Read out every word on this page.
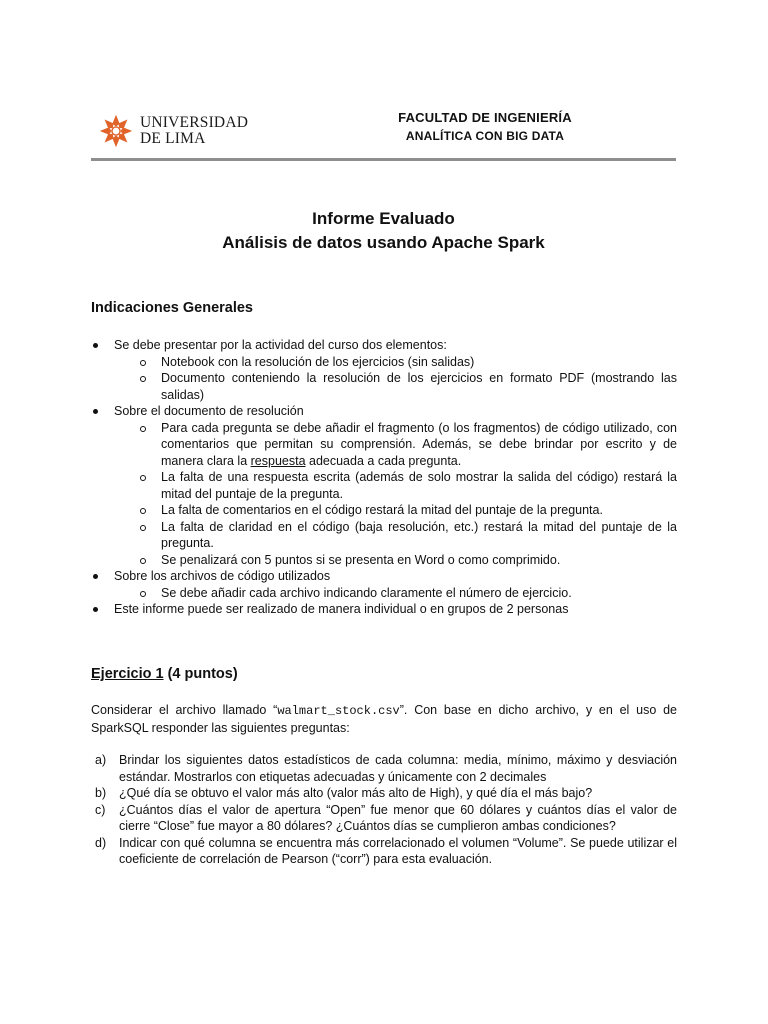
UNIVERSIDAD
DE LIMA
FACULTAD DE INGENIERÍA
ANALÍTICA CON BIG DATA
Informe Evaluado
Análisis de datos usando Apache Spark
Indicaciones Generales
Se debe presentar por la actividad del curso dos elementos:
Notebook con la resolución de los ejercicios (sin salidas)
Documento conteniendo la resolución de los ejercicios en formato PDF (mostrando las salidas)
Sobre el documento de resolución
Para cada pregunta se debe añadir el fragmento (o los fragmentos) de código utilizado, con comentarios que permitan su comprensión. Además, se debe brindar por escrito y de manera clara la respuesta adecuada a cada pregunta.
La falta de una respuesta escrita (además de solo mostrar la salida del código) restará la mitad del puntaje de la pregunta.
La falta de comentarios en el código restará la mitad del puntaje de la pregunta.
La falta de claridad en el código (baja resolución, etc.) restará la mitad del puntaje de la pregunta.
Se penalizará con 5 puntos si se presenta en Word o como comprimido.
Sobre los archivos de código utilizados
Se debe añadir cada archivo indicando claramente el número de ejercicio.
Este informe puede ser realizado de manera individual o en grupos de 2 personas
Ejercicio 1 (4 puntos)
Considerar el archivo llamado “walmart_stock.csv”. Con base en dicho archivo, y en el uso de SparkSQL responder las siguientes preguntas:
a) Brindar los siguientes datos estadísticos de cada columna: media, mínimo, máximo y desviación estándar. Mostrarlos con etiquetas adecuadas y únicamente con 2 decimales
b) ¿Qué día se obtuvo el valor más alto (valor más alto de High), y qué día el más bajo?
c) ¿Cuántos días el valor de apertura “Open” fue menor que 60 dólares y cuántos días el valor de cierre “Close” fue mayor a 80 dólares? ¿Cuántos días se cumplieron ambas condiciones?
d) Indicar con qué columna se encuentra más correlacionado el volumen “Volume”. Se puede utilizar el coeficiente de correlación de Pearson (“corr”) para esta evaluación.
